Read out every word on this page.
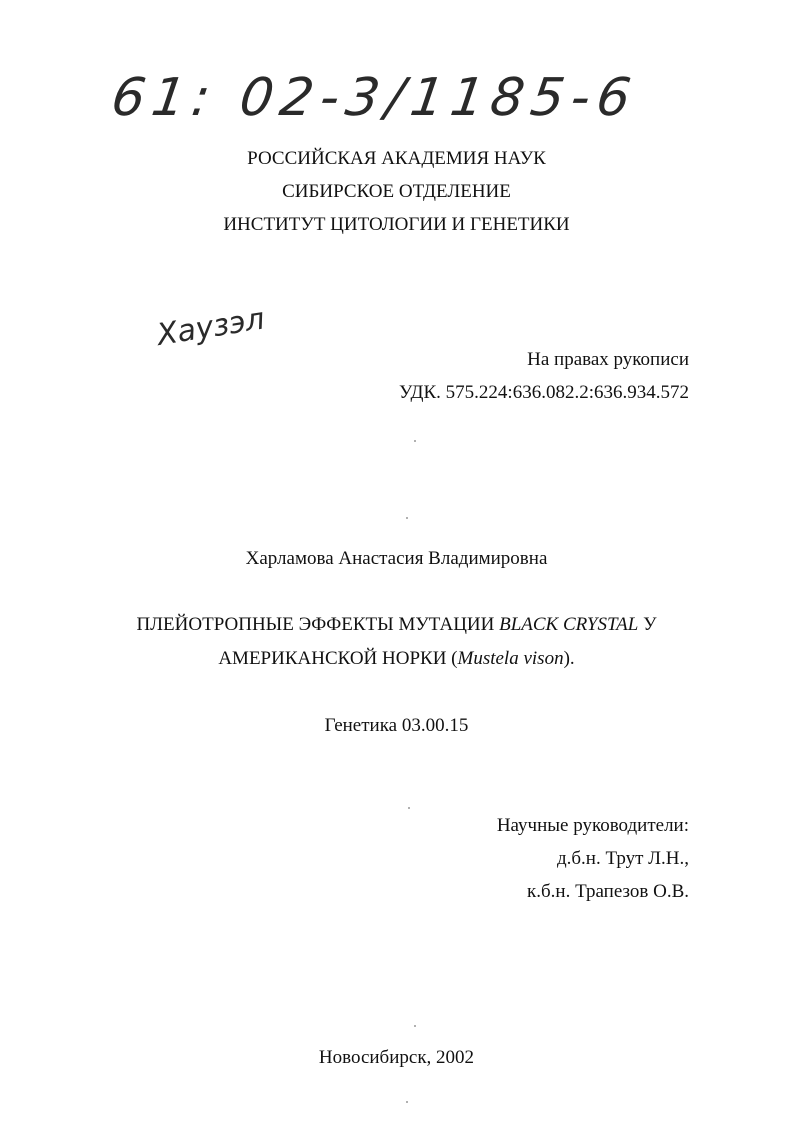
61: 02-3/1185-6
РОССИЙСКАЯ АКАДЕМИЯ НАУК
СИБИРСКОЕ ОТДЕЛЕНИЕ
ИНСТИТУТ ЦИТОЛОГИИ И ГЕНЕТИКИ
Хаузэл
На правах рукописи
УДК. 575.224:636.082.2:636.934.572
Харламова Анастасия Владимировна
ПЛЕЙОТРОПНЫЕ ЭФФЕКТЫ МУТАЦИИ BLACK CRYSTAL У
АМЕРИКАНСКОЙ НОРКИ (Mustela vison).
Генетика 03.00.15
Научные руководители:
д.б.н. Трут Л.Н.,
к.б.н. Трапезов О.В.
Новосибирск, 2002
